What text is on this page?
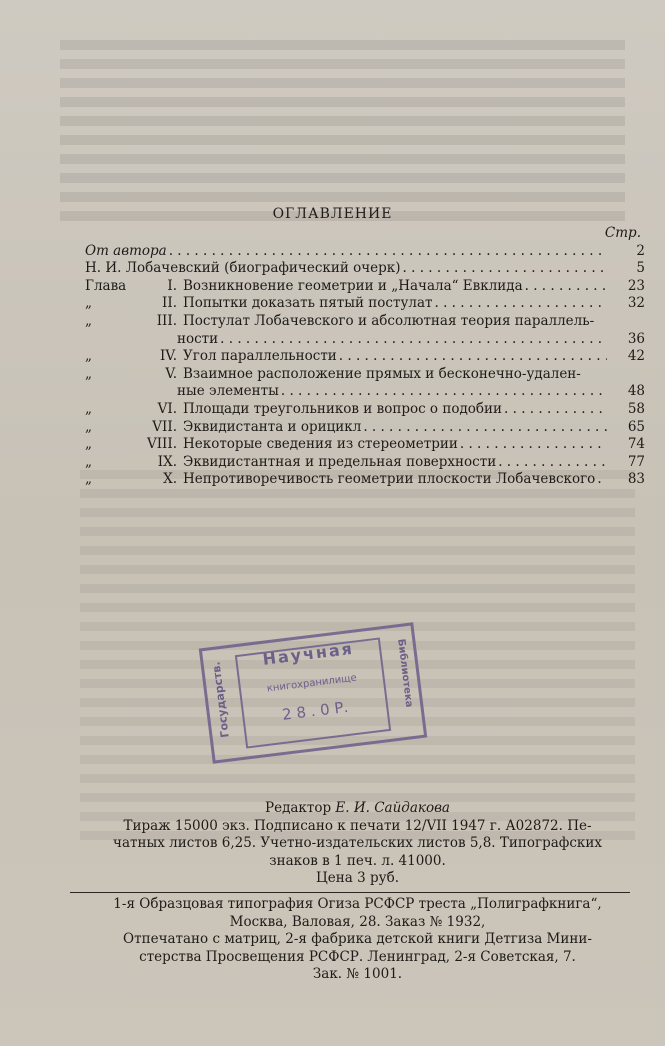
ОГЛАВЛЕНИЕ
Стр.
От автора . . .	2
Н. И. Лобачевский (биографический очерк) . . .	5
Глава	I. Возникновение геометрии и „Начала“ Евклида . . .	23
„	II. Попытки доказать пятый постулат . . .	32
„	III. Постулат Лобачевского и абсолютная теория параллель-
ности . . .	36
„	IV. Угол параллельности . . .	42
„	V. Взаимное расположение прямых и бесконечно-удален-
ные элементы . . .	48
„	VI. Площади треугольников и вопрос о подобии . . .	58
„	VII. Эквидистанта и орицикл . . .	65
„	VIII. Некоторые сведения из стереометрии . . .	74
„	IX. Эквидистантная и предельная поверхности . . .	77
„	X. Непротиворечивость геометрии плоскости Лобачевского . . .	83
Государств.	Библиотека
Научная
книгохранилище
2 8 . 0 Р.

Редактор Е. И. Сайдакова

Тираж 15000 экз. Подписано к печати 12/VII 1947 г. А02872. Пе-

чатных листов 6,25. Учетно-издательских листов 5,8. Типографских

знаков в 1 печ. л. 41000.

Цена 3 руб.

1-я Образцовая типография Огиза РСФСР треста „Полиграфкнига“,

Москва, Валовая, 28. Заказ № 1932,

Отпечатано с матриц, 2-я фабрика детской книги Детгиза Мини-

стерства Просвещения РСФСР. Ленинград, 2-я Советская, 7.

Зак. № 1001.
